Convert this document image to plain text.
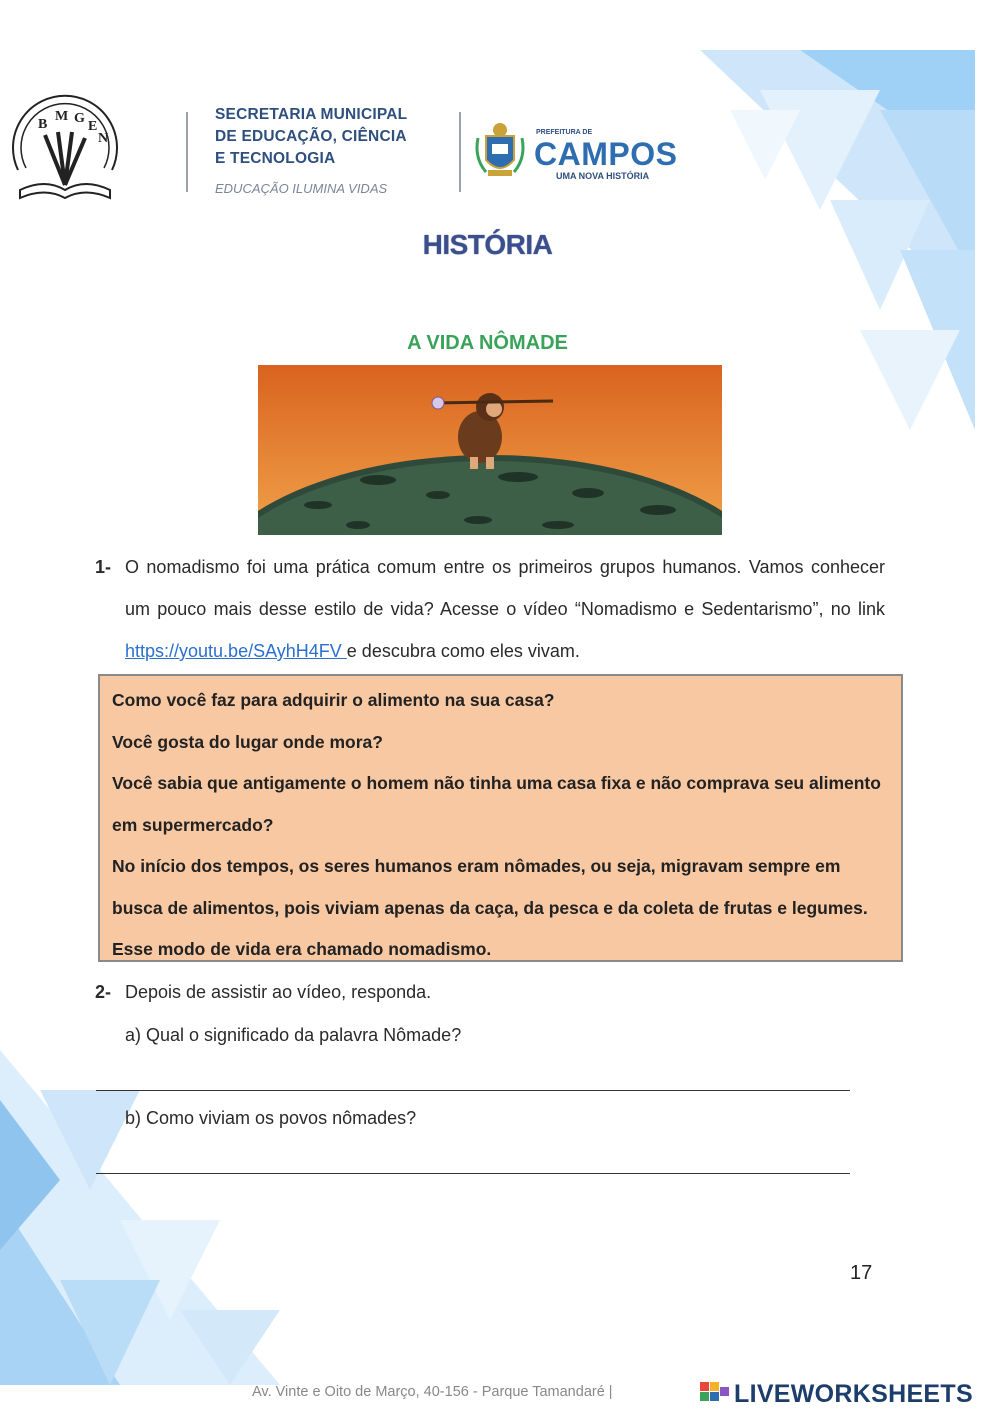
B
M G
E
N
SECRETARIA MUNICIPAL
DE EDUCAÇÃO, CIÊNCIA
E TECNOLOGIA
EDUCAÇÃO ILUMINA VIDAS
PREFEITURA DE
CAMPOS
UMA NOVA HISTÓRIA
HISTÓRIA
A VIDA NÔMADE
1- O nomadismo foi uma prática comum entre os primeiros grupos humanos. Vamos conhecer um pouco mais desse estilo de vida? Acesse o vídeo “Nomadismo e Sedentarismo”, no link https://youtu.be/SAyhH4FV e descubra como eles vivam.

Como você faz para adquirir o alimento na sua casa?

Você gosta do lugar onde mora?

Você sabia que antigamente o homem não tinha uma casa fixa e não comprava seu alimento em supermercado?

No início dos tempos, os seres humanos eram nômades, ou seja, migravam sempre em busca de alimentos, pois viviam apenas da caça, da pesca e da coleta de frutas e legumes. Esse modo de vida era chamado nomadismo.

2- Depois de assistir ao vídeo, responda.
a) Qual o significado da palavra Nômade?
b) Como viviam os povos nômades?
17
Av. Vinte e Oito de Março, 40-156 - Parque Tamandaré |	LIVEWORKSHEETS
